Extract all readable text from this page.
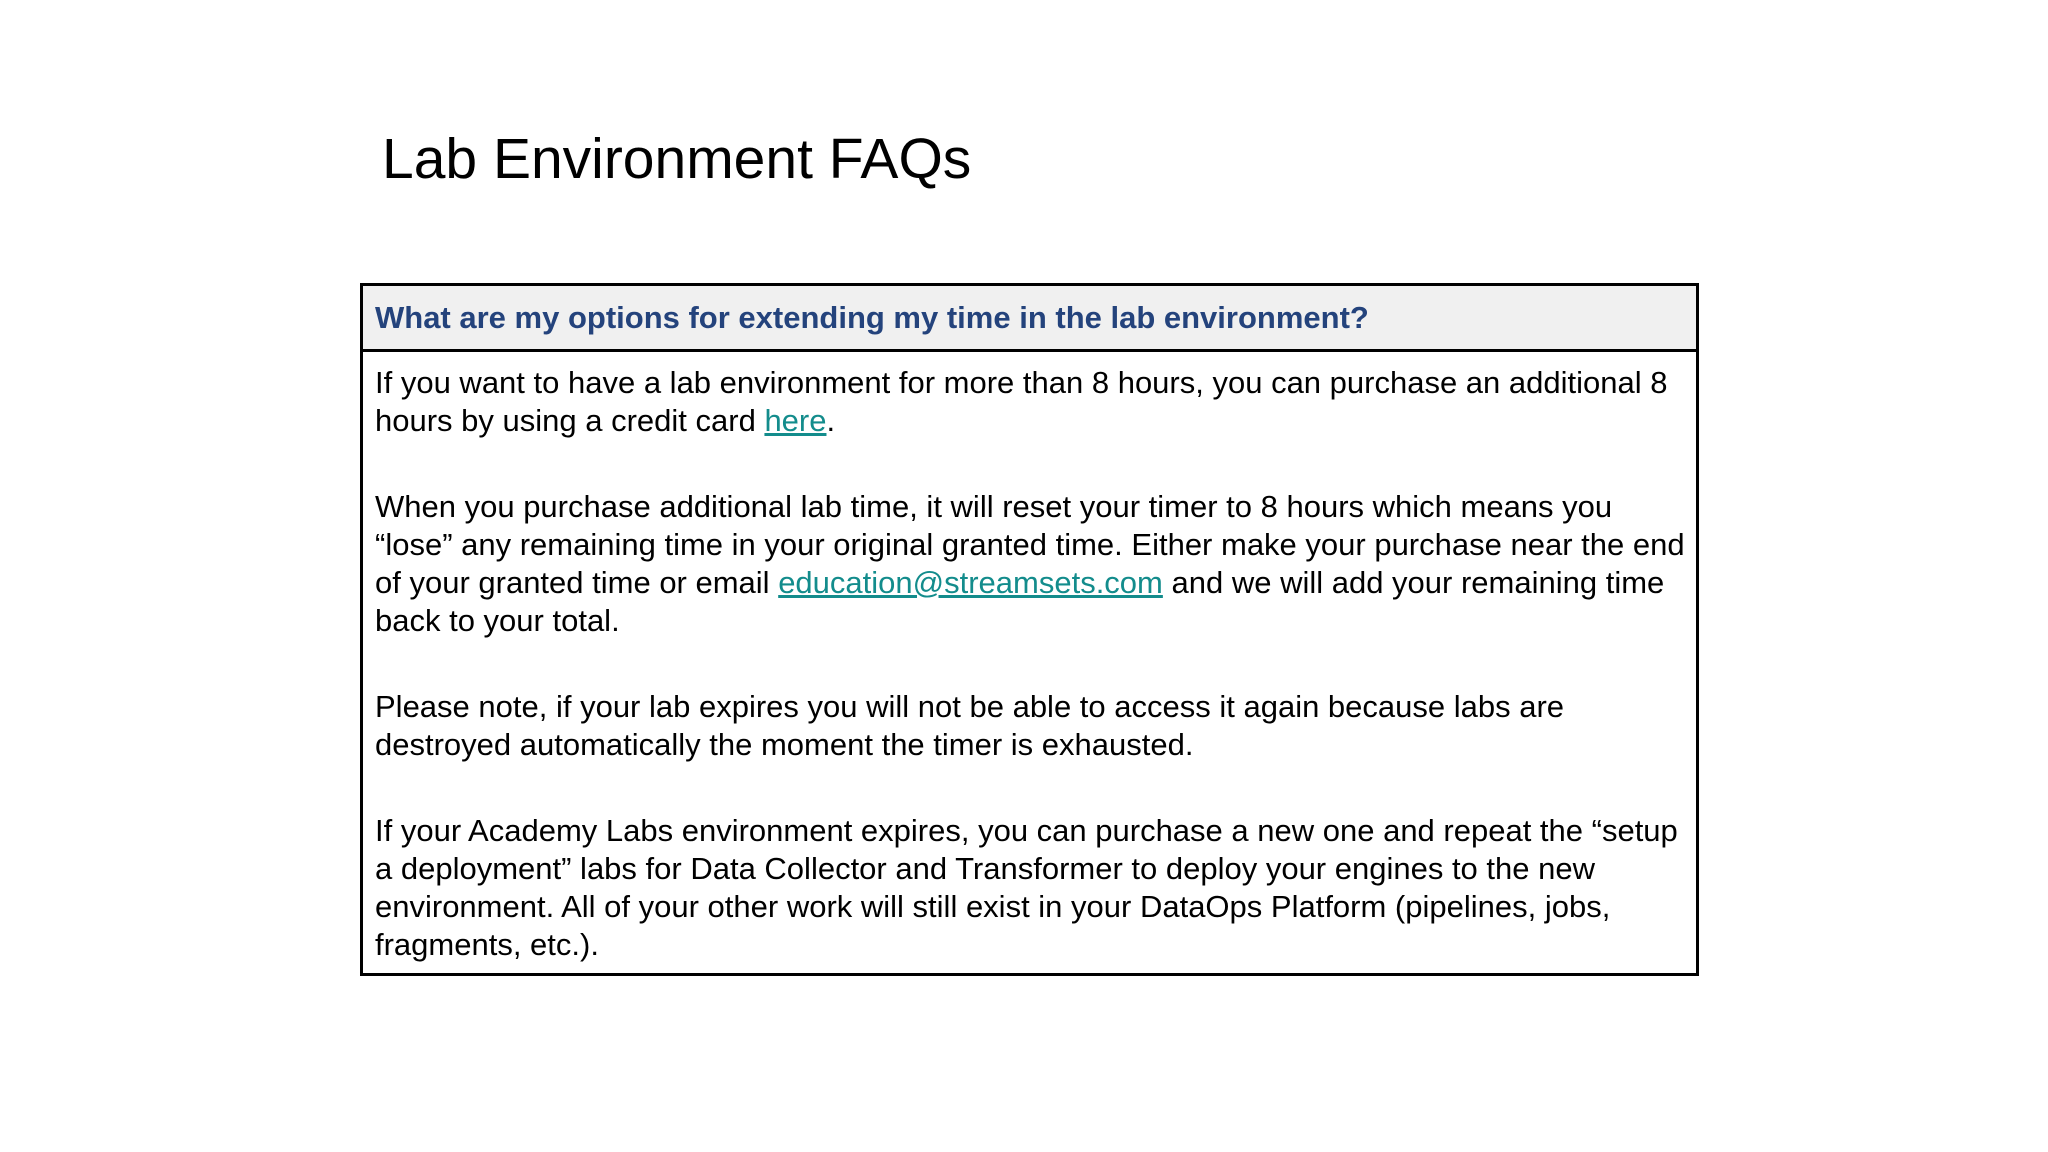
Lab Environment FAQs

What are my options for extending my time in the lab environment?

If you want to have a lab environment for more than 8 hours, you can purchase an additional 8 hours by using a credit card here.

When you purchase additional lab time, it will reset your timer to 8 hours which means you “lose” any remaining time in your original granted time. Either make your purchase near the end of your granted time or email education@streamsets.com and we will add your remaining time back to your total.

Please note, if your lab expires you will not be able to access it again because labs are destroyed automatically the moment the timer is exhausted.

If your Academy Labs environment expires, you can purchase a new one and repeat the “setup a deployment” labs for Data Collector and Transformer to deploy your engines to the new environment. All of your other work will still exist in your DataOps Platform (pipelines, jobs, fragments, etc.).
